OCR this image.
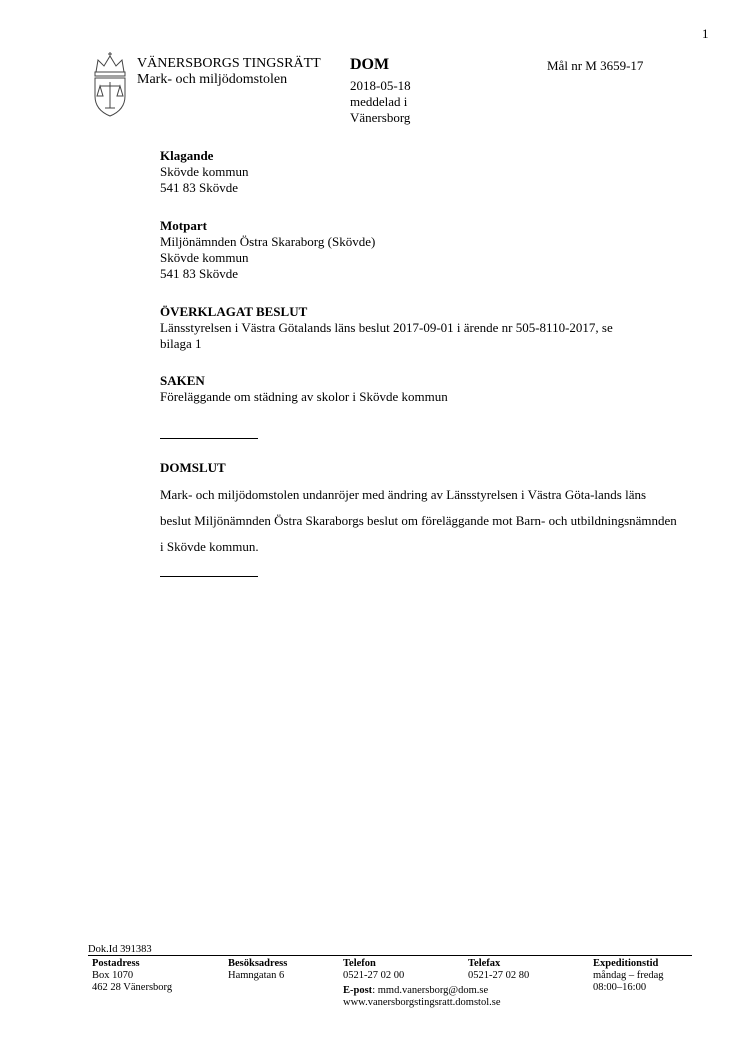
1
VÄNERSBORGS TINGSRÄTT
Mark- och miljödomstolen
DOM
2018-05-18
meddelad i
Vänersborg
Mål nr M 3659-17
Klagande
Skövde kommun
541 83 Skövde
Motpart
Miljönämnden Östra Skaraborg (Skövde)
Skövde kommun
541 83 Skövde
ÖVERKLAGAT BESLUT
Länsstyrelsen i Västra Götalands läns beslut 2017-09-01 i ärende nr 505-8110-2017, se bilaga 1
SAKEN
Föreläggande om städning av skolor i Skövde kommun
DOMSLUT
Mark- och miljödomstolen undanröjer med ändring av Länsstyrelsen i Västra Göta-lands läns beslut Miljönämnden Östra Skaraborgs beslut om föreläggande mot Barn- och utbildningsnämnden i Skövde kommun.
Dok.Id 391383
Postadress
Box 1070
462 28 Vänersborg
Besöksadress
Hamngatan 6
Telefon
0521-27 02 00
E-post: mmd.vanersborg@dom.se
www.vanersborgstingsratt.domstol.se
Telefax
0521-27 02 80
Expeditionstid
måndag – fredag
08:00–16:00
